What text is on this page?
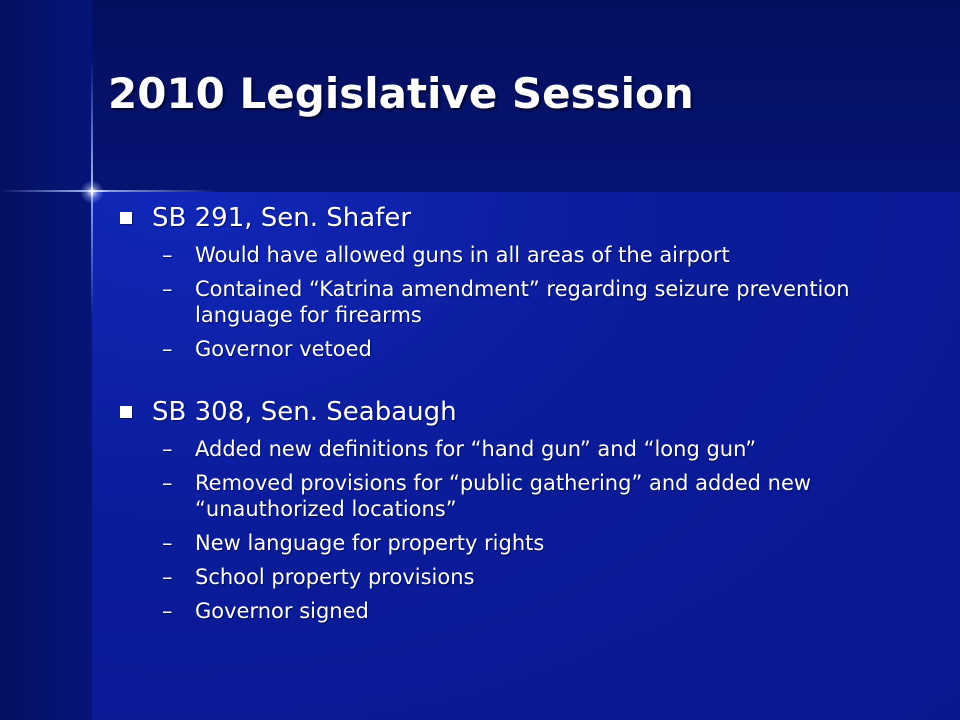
2010 Legislative Session

SB 291, Sen. Shafer

– Would have allowed guns in all areas of the airport
– Contained “Katrina amendment” regarding seizure prevention language for firearms
– Governor vetoed

SB 308, Sen. Seabaugh

– Added new definitions for “hand gun” and “long gun”
– Removed provisions for “public gathering” and added new “unauthorized locations”
– New language for property rights
– School property provisions
– Governor signed
